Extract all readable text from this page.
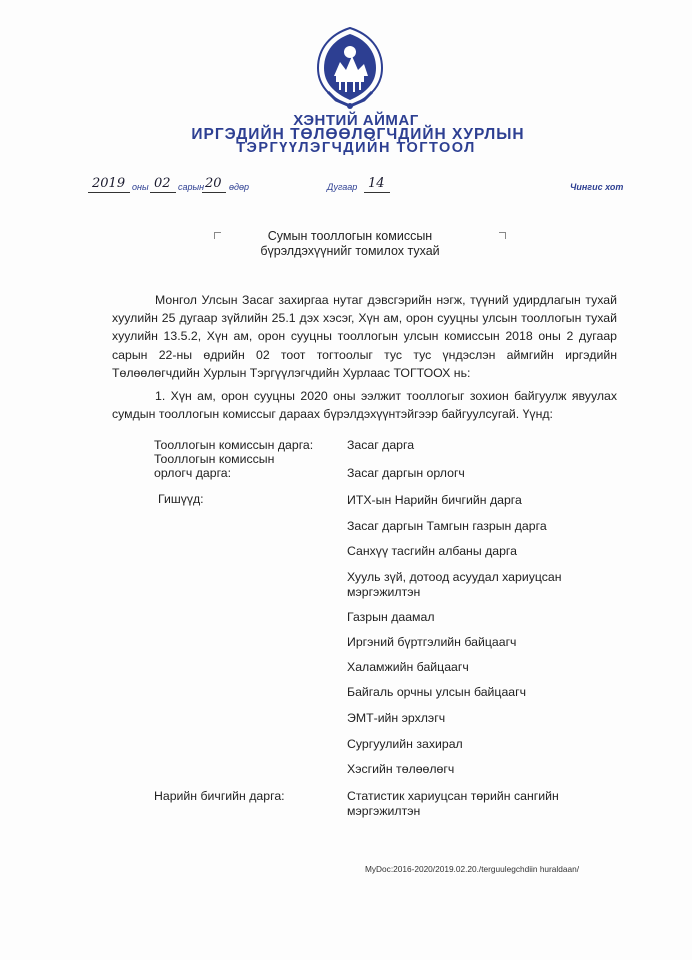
ХЭНТИЙ АЙМАГ
ИРГЭДИЙН ТӨЛӨӨЛӨГЧДИЙН ХУРЛЫН
ТЭРГҮҮЛЭГЧДИЙН ТОГТООЛ
2019 оны 02 сарын 20 өдөр	Дугаар 14	Чингис хот
Сумын тооллогын комиссын
бүрэлдэхүүнийг томилох тухай
Монгол Улсын Засаг захиргаа нутаг дэвсгэрийн нэгж, түүний удирдлагын тухай хуулийн 25 дугаар зүйлийн 25.1 дэх хэсэг, Хүн ам, орон сууцны улсын тооллогын тухай хуулийн 13.5.2, Хүн ам, орон сууцны тооллогын улсын комиссын 2018 оны 2 дугаар сарын 22-ны өдрийн 02 тоот тогтоолыг тус тус үндэслэн аймгийн иргэдийн Төлөөлөгчдийн Хурлын Тэргүүлэгчдийн Хурлаас ТОГТООХ нь:
1. Хүн ам, орон сууцны 2020 оны ээлжит тооллогыг зохион байгуулж явуулах сумдын тооллогын комиссыг дараах бүрэлдэхүүнтэйгээр байгуулсугай. Үүнд:
Тооллогын комиссын дарга:
Тооллогын комиссын
орлогч дарга:
Гишүүд:
Нарийн бичгийн дарга:
Засаг дарга
Засаг даргын орлогч
ИТХ-ын Нарийн бичгийн дарга
Засаг даргын Тамгын газрын дарга
Санхүү тасгийн албаны дарга
Хууль зүй, дотоод асуудал хариуцсан
мэргэжилтэн
Газрын даамал
Иргэний бүртгэлийн байцаагч
Халамжийн байцаагч
Байгаль орчны улсын байцаагч
ЭМТ-ийн эрхлэгч
Сургуулийн захирал
Хэсгийн төлөөлөгч
Статистик хариуцсан төрийн сангийн
мэргэжилтэн
MyDoc:2016-2020/2019.02.20./terguulegchdiin huraldaan/
